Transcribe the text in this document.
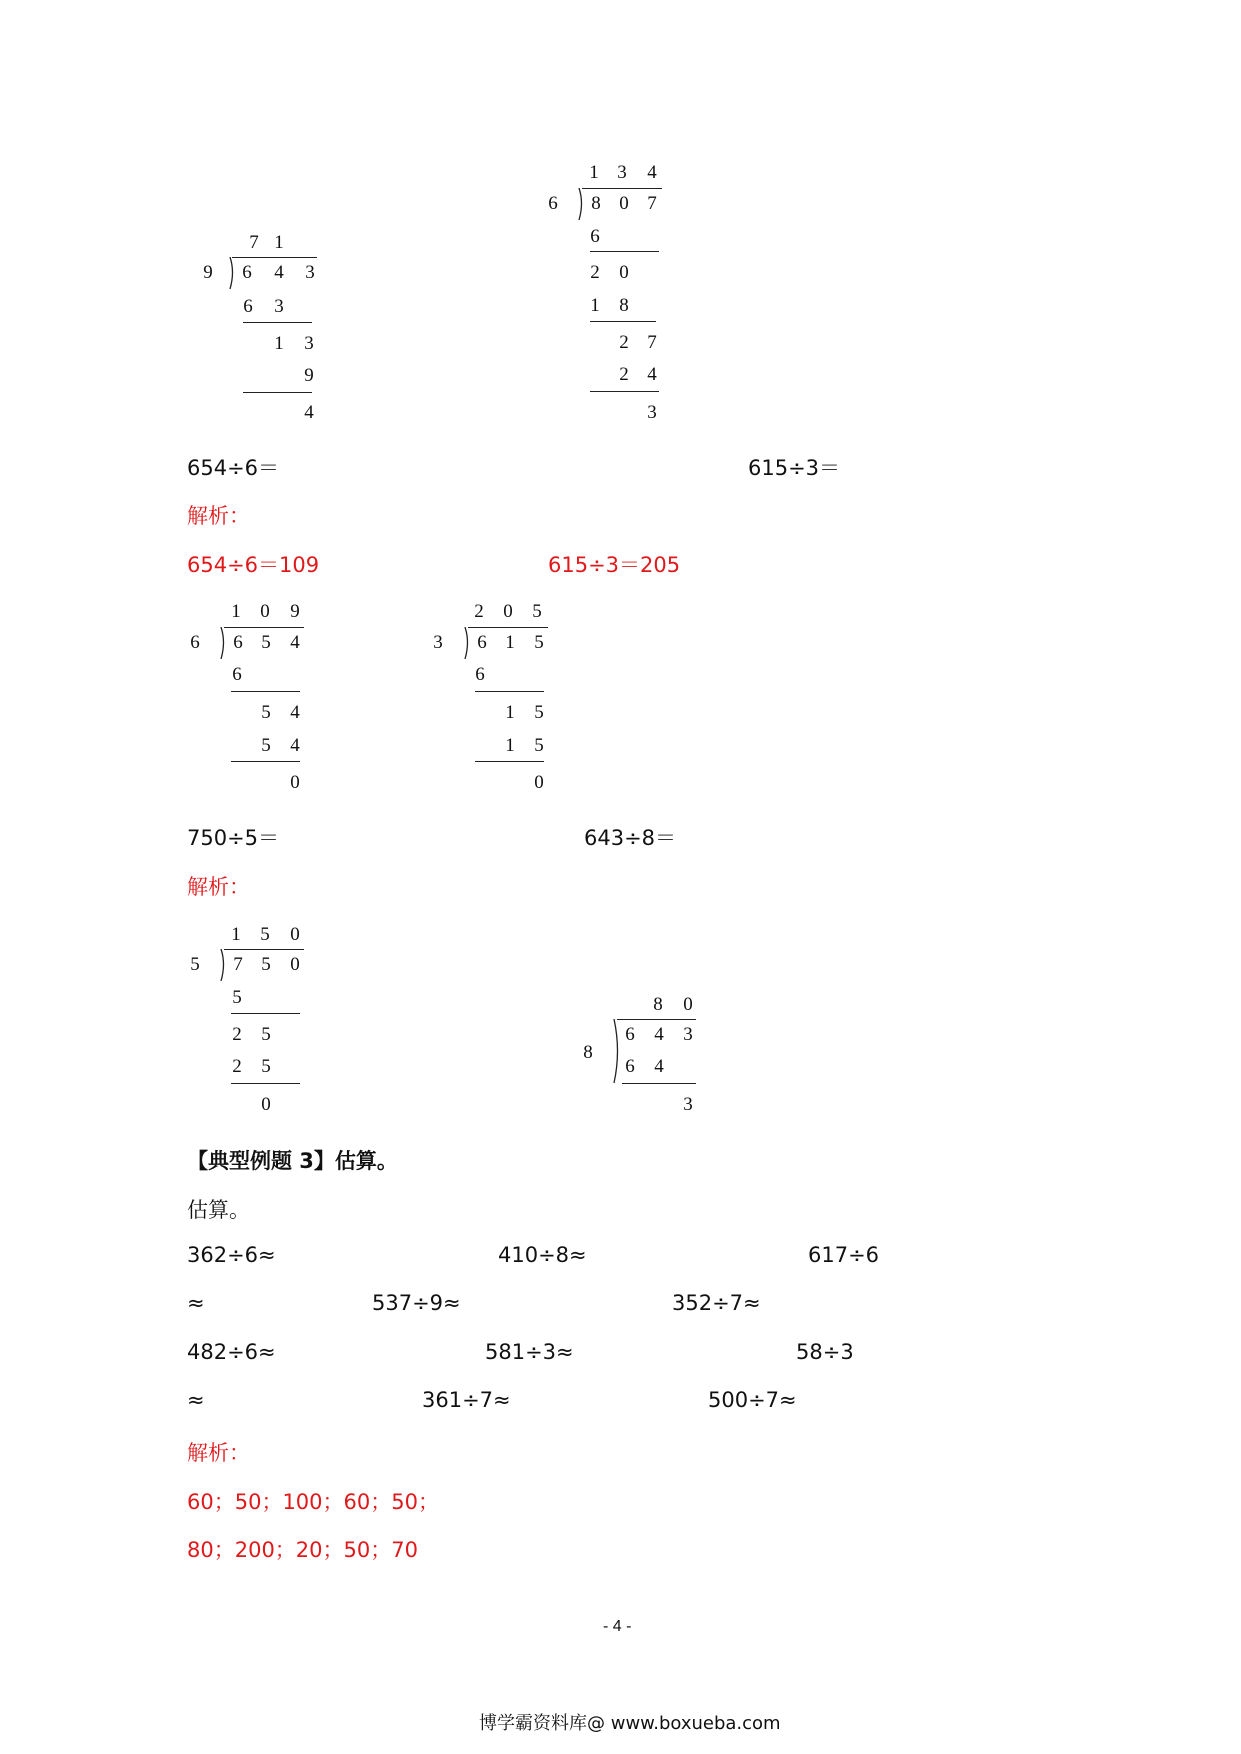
7 1
9 6 4 3
6 3
1 3
9
4
1 3 4
6 8 0 7
6
2 0
1 8
2 7
2 4
3
654÷6＝	615÷3＝
解析：
654÷6＝109	615÷3＝205
1 0 9
6 6 5 4
6
5 4
5 4
0
2 0 5
3 6 1 5
6
1 5
1 5
0
750÷5＝	643÷8＝
解析：
1 5 0
5 7 5 0
5
2 5
2 5
0
8 0
8
6 4 3
6 4
3
【典型例题 3】估算。
估算。
362÷6≈	410÷8≈	617÷6
≈	537÷9≈	352÷7≈
482÷6≈	581÷3≈	58÷3
≈	361÷7≈	500÷7≈
解析：
60；50；100；60；50；
80；200；20；50；70
- 4 -
博学霸资料库@ www.boxueba.com
